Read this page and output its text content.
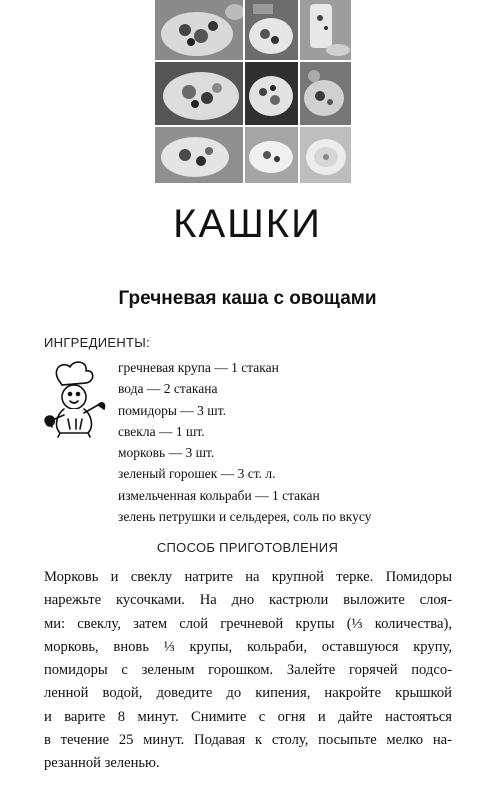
КАШКИ
Гречневая каша с овощами
ИНГРЕДИЕНТЫ:
гречневая крупа — 1 стакан
вода — 2 стакана
помидоры — 3 шт.
свекла — 1 шт.
морковь — 3 шт.
зеленый горошек — 3 ст. л.
измельченная кольраби — 1 стакан
зелень петрушки и сельдерея, соль по вкусу
СПОСОБ ПРИГОТОВЛЕНИЯ
Морковь и свеклу натрите на крупной терке. Помидоры
нарежьте кусочками. На дно кастрюли выложите слоя-
ми: свеклу, затем слой гречневой крупы (⅓ количества),
морковь, вновь ⅓ крупы, кольраби, оставшуюся крупу,
помидоры с зеленым горошком. Залейте горячей подсо-
ленной водой, доведите до кипения, накройте крышкой
и варите 8 минут. Снимите с огня и дайте настояться
в течение 25 минут. Подавая к столу, посыпьте мелко на-
резанной зеленью.
